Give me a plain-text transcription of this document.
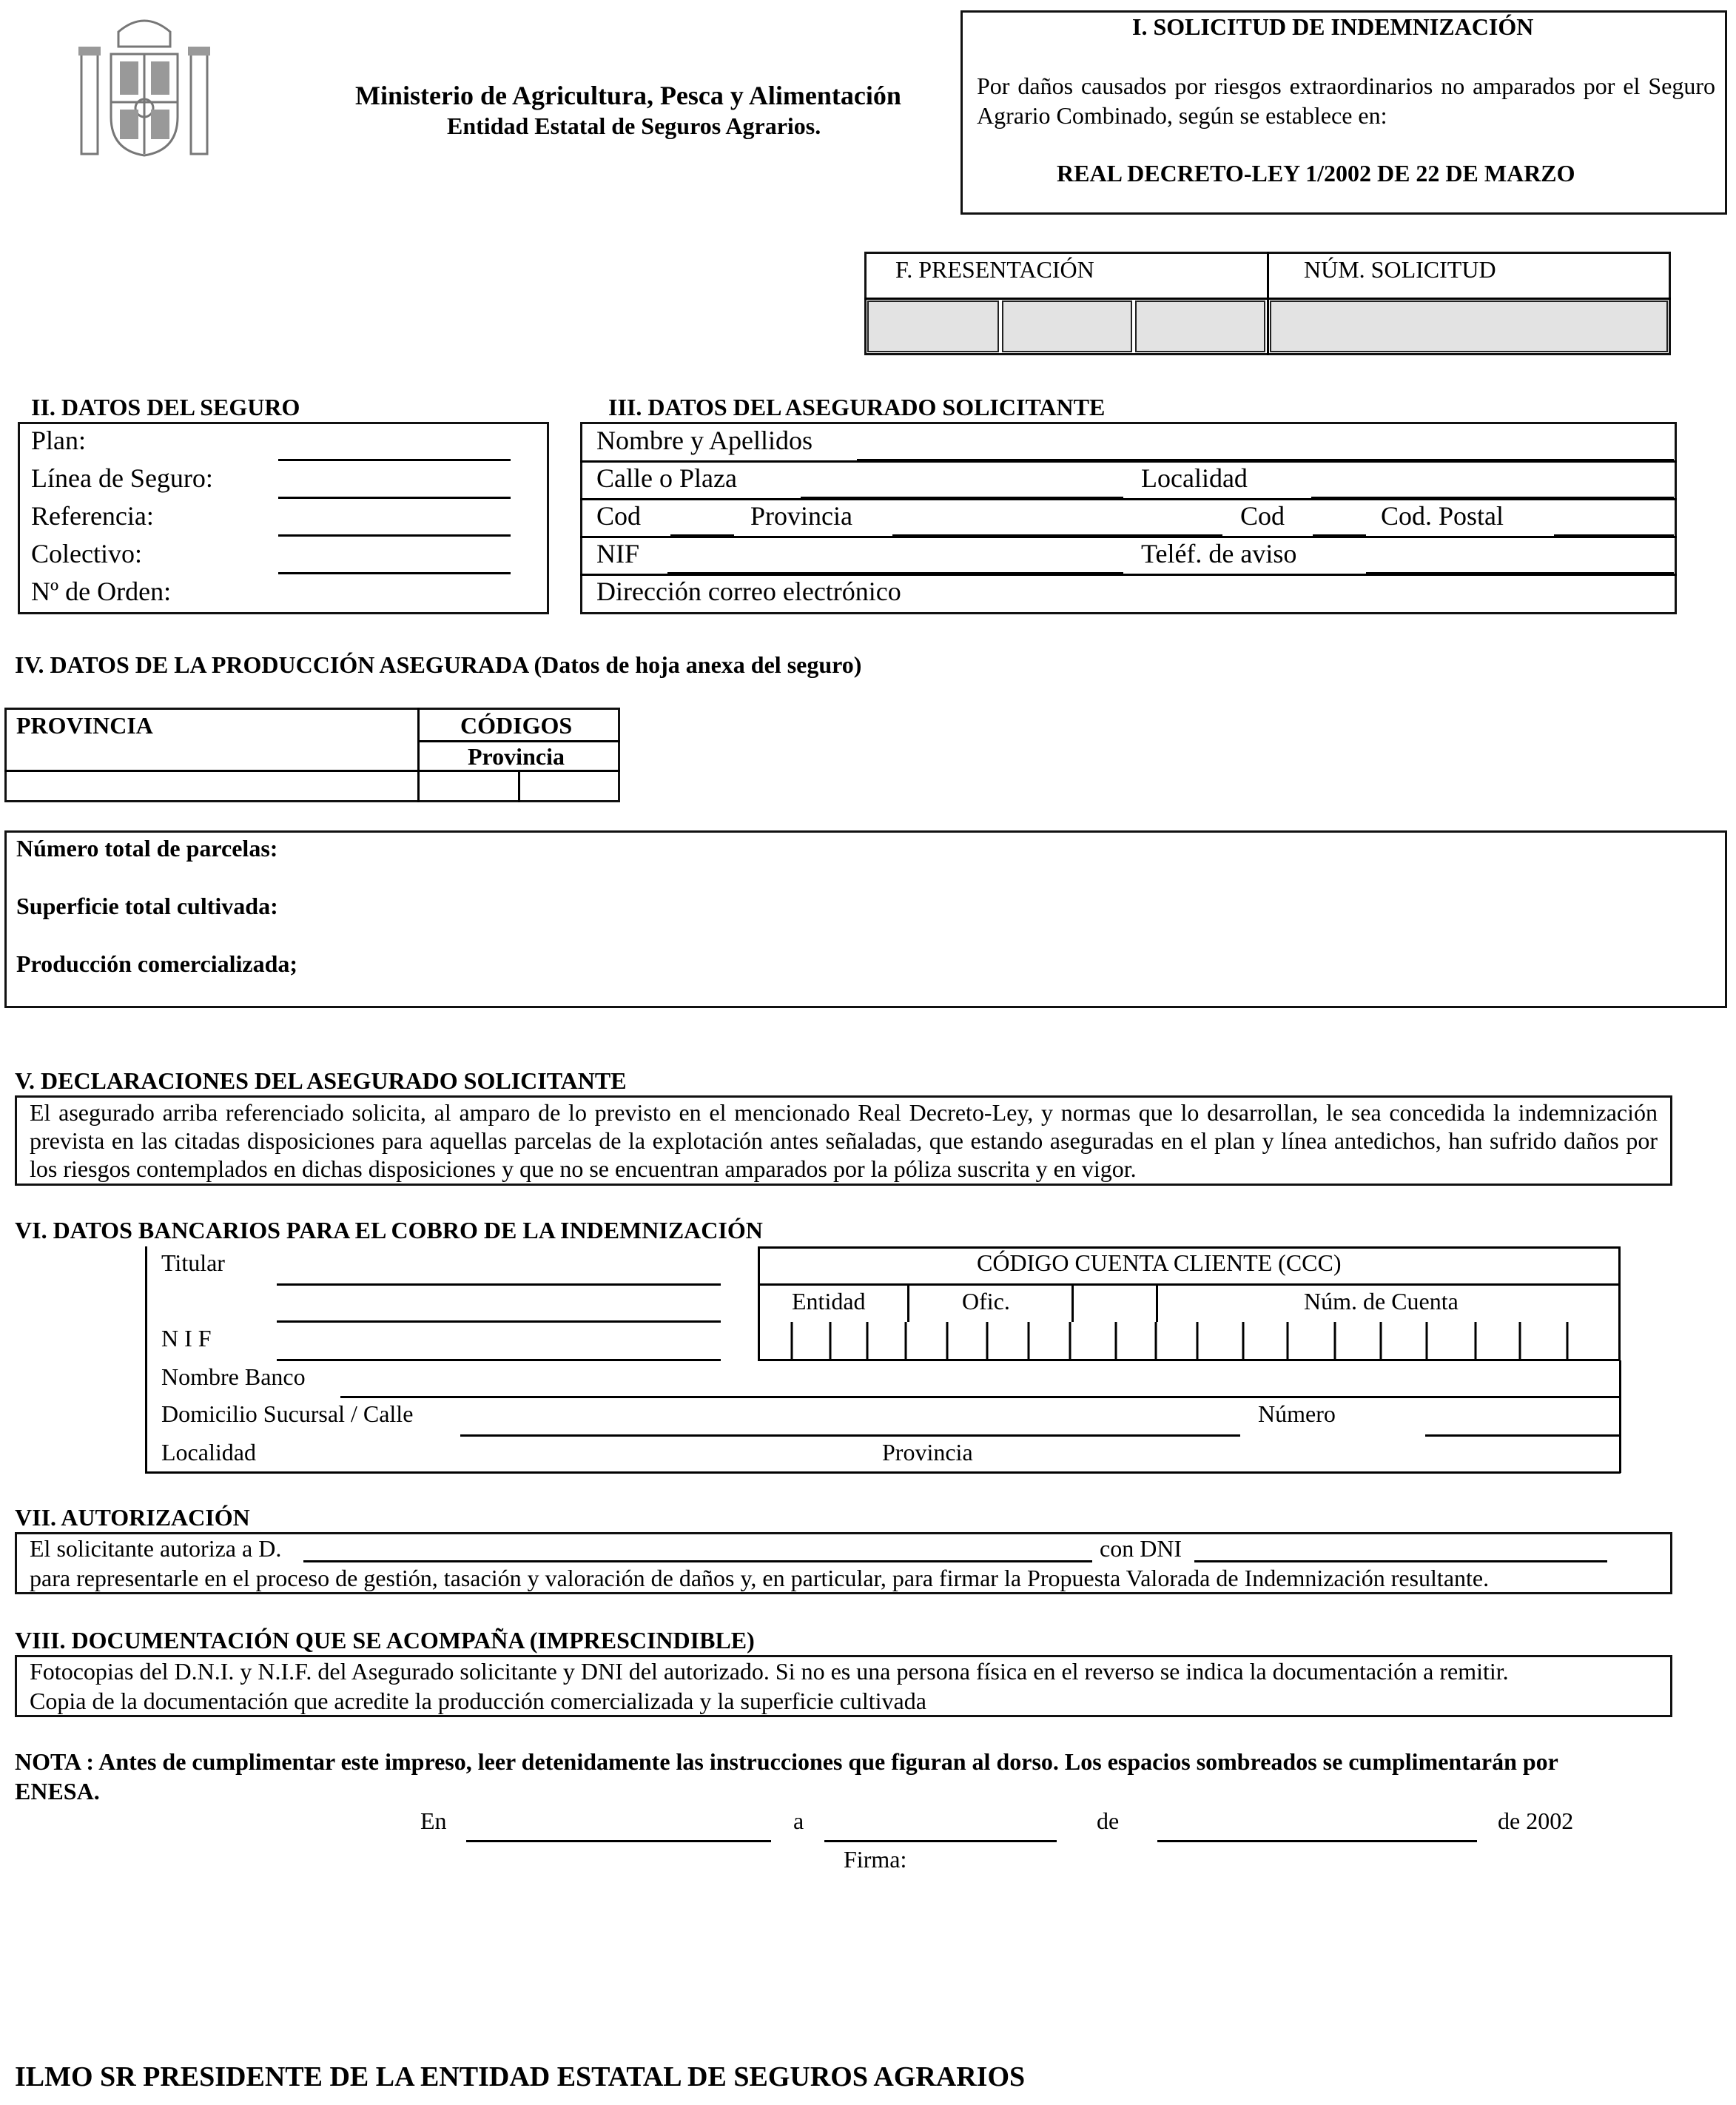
Ministerio de Agricultura, Pesca y Alimentación
Entidad Estatal de Seguros Agrarios.
I. SOLICITUD DE INDEMNIZACIÓN
Por daños causados por riesgos extraordinarios no amparados por el Seguro Agrario Combinado, según se establece en:
REAL DECRETO-LEY 1/2002 DE 22 DE MARZO
F. PRESENTACIÓN	NÚM. SOLICITUD
II. DATOS DEL SEGURO
Plan:
Línea de Seguro:
Referencia:
Colectivo:
Nº de Orden:
III. DATOS DEL ASEGURADO SOLICITANTE
Nombre y Apellidos
Calle o Plaza	Localidad
Cod	Provincia	Cod	Cod. Postal
NIF	Teléf. de aviso
Dirección correo electrónico
IV. DATOS DE LA PRODUCCIÓN ASEGURADA (Datos de hoja anexa del seguro)
PROVINCIA	CÓDIGOS
Provincia
Número total de parcelas:
Superficie total cultivada:
Producción comercializada;
V. DECLARACIONES DEL ASEGURADO SOLICITANTE
El asegurado arriba referenciado solicita, al amparo de lo previsto en el mencionado Real Decreto-Ley, y normas que lo desarrollan, le sea concedida la indemnización prevista en las citadas disposiciones para aquellas parcelas de la explotación antes señaladas, que estando aseguradas en el plan y línea antedichos, han sufrido daños por los riesgos contemplados en dichas disposiciones y que no se encuentran amparados por la póliza suscrita y en vigor.
VI. DATOS BANCARIOS PARA EL COBRO DE LA INDEMNIZACIÓN
Titular
N I F
Nombre Banco
Domicilio Sucursal / Calle	Número
Localidad	Provincia
CÓDIGO CUENTA CLIENTE (CCC)
Entidad	Ofic.	Núm. de Cuenta
VII. AUTORIZACIÓN
El solicitante autoriza a D.	con DNI
para representarle en el proceso de gestión, tasación y valoración de daños y, en particular, para firmar la Propuesta Valorada de Indemnización resultante.
VIII. DOCUMENTACIÓN QUE SE ACOMPAÑA (IMPRESCINDIBLE)
Fotocopias del D.N.I. y N.I.F. del Asegurado solicitante y DNI del autorizado. Si no es una persona física en el reverso se indica la documentación a remitir.
Copia de la documentación que acredite la producción comercializada y la superficie cultivada
NOTA : Antes de cumplimentar este impreso, leer detenidamente las instrucciones que figuran al dorso. Los espacios sombreados se cumplimentarán por
ENESA.
En	a	de	de 2002
Firma:
ILMO SR PRESIDENTE DE LA ENTIDAD ESTATAL DE SEGUROS AGRARIOS
